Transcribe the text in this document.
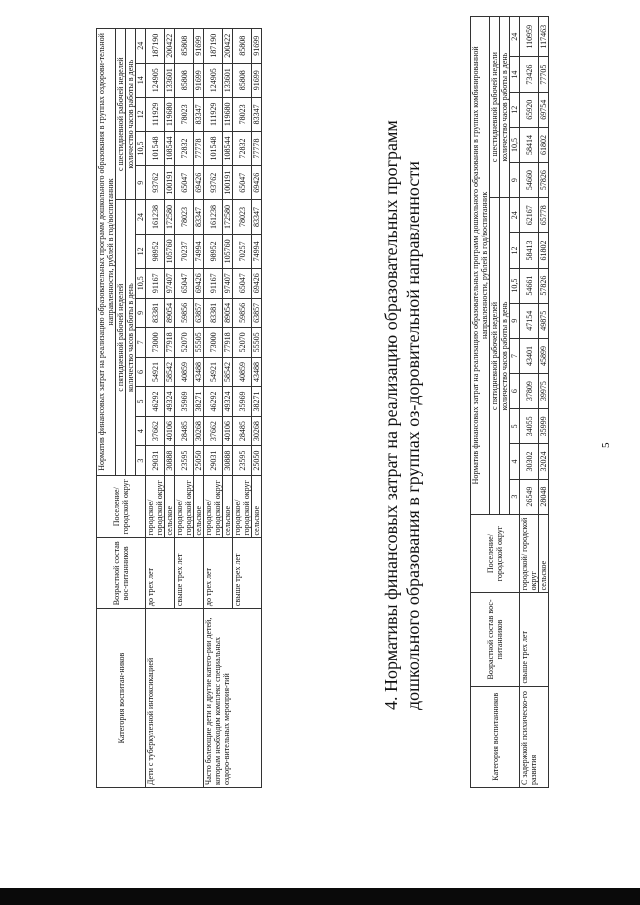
5
Категория воспитанников	Возрастной состав вос-питанников	Поселение/ городской округ	Норматив финансовых затрат на реализацию образовательных программ дошкольного образования в группах комбинированной направленности, рублей в год/воспитанник													
			с пятидневной рабочей неделей									с шестидневной рабочей недели				
			количество часов работы в день									количество часов работы в день				
			3	4	5	6	7	9	10,5	12	24	9	10,5	12	14	24
С задержкой психическо-го развития	свыше трех лет	городской/ городской округ	26549	30302	34055	37809	43401	47154	54661	58413	62167	54660	58414	65920	73426	110959
		сельское	28048	32024	35999	39975	45899	49875	57826	61802	65778	57826	61802	69754	77705	117463
4. Нормативы финансовых затрат на реализацию образовательных программ дошкольного образования в группах оз-доровительной направленности
Категория воспитан-ников	Возрастной состав вос-питанников	Поселение/ городской округ	Норматив финансовых затрат на реализацию образовательных программ дошкольного образования в группах оздорови-тельной направленности, рублей в год/воспитанник													
			с пятидневной рабочей неделей									с шестидневной рабочей неделей				
			количество часов работы в день									количество часов работы в день				
			3	4	5	6	7	9	10,5	12	24	9	10,5	12	14	24
Дети с туберкулезной интоксикацией	до трех лет	городское/ городской округ	29031	37662	46292	54921	73000	83381	91167	98952	161238	93762	101548	111929	124905	187190
		сельское	30888	40106	49324	58542	77918	89054	97407	105760	172580	100191	108544	119680	133601	200422
	свыше трех лет	городское/ городской округ	23595	28485	35969	40859	52070	59856	65047	70237	78023	65047	72832	78023	85808	85808
		сельское	25050	30268	38271	43488	55505	63857	69426	74994	83347	69426	77778	83347	91699	91699
Часто болеющие дети и другие катего-рии детей, которым необходим комплекс специальных оздоро-вительных мероприя-тий	до трех лет	городское/ городской округ	29031	37662	46292	54921	73000	83381	91167	98952	161238	93762	101548	111929	124905	187190
		сельское	30888	40106	49324	58542	77918	89054	97407	105760	172580	100191	108544	119680	133601	200422
	свыше трех лет	городское/ городской округ	23595	28485	35969	40859	52070	59856	65047	70257	78023	65047	72832	78023	85808	85808
		сельское	25050	30268	38271	43488	55505	63857	69426	74994	83347	69426	77778	83347	91699	91699
